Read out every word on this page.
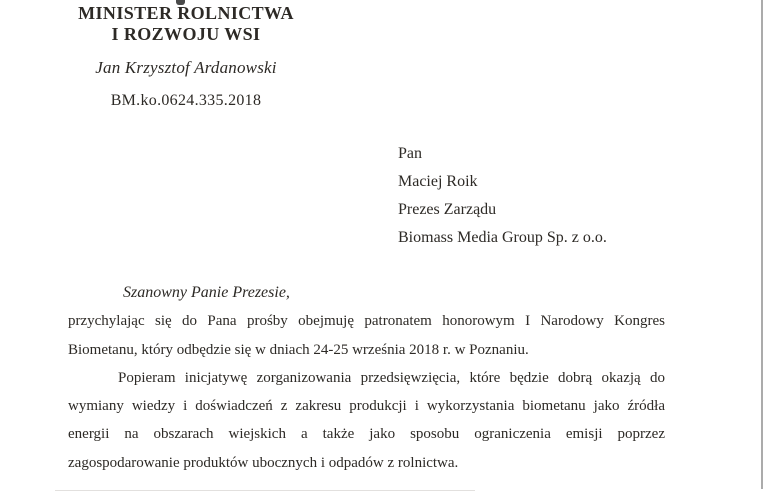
MINISTER ROLNICTWA
I ROZWOJU WSI
Jan Krzysztof Ardanowski
BM.ko.0624.335.2018
Pan
Maciej Roik
Prezes Zarządu
Biomass Media Group Sp. z o.o.
Szanowny Panie Prezesie,
przychylając się do Pana prośby obejmuję patronatem honorowym I Narodowy Kongres
Biometanu, który odbędzie się w dniach 24-25 września 2018 r. w Poznaniu.
Popieram inicjatywę zorganizowania przedsięwzięcia, które będzie dobrą okazją do
wymiany wiedzy i doświadczeń z zakresu produkcji i wykorzystania biometanu jako źródła
energii na obszarach wiejskich a także jako sposobu ograniczenia emisji poprzez
zagospodarowanie produktów ubocznych i odpadów z rolnictwa.
